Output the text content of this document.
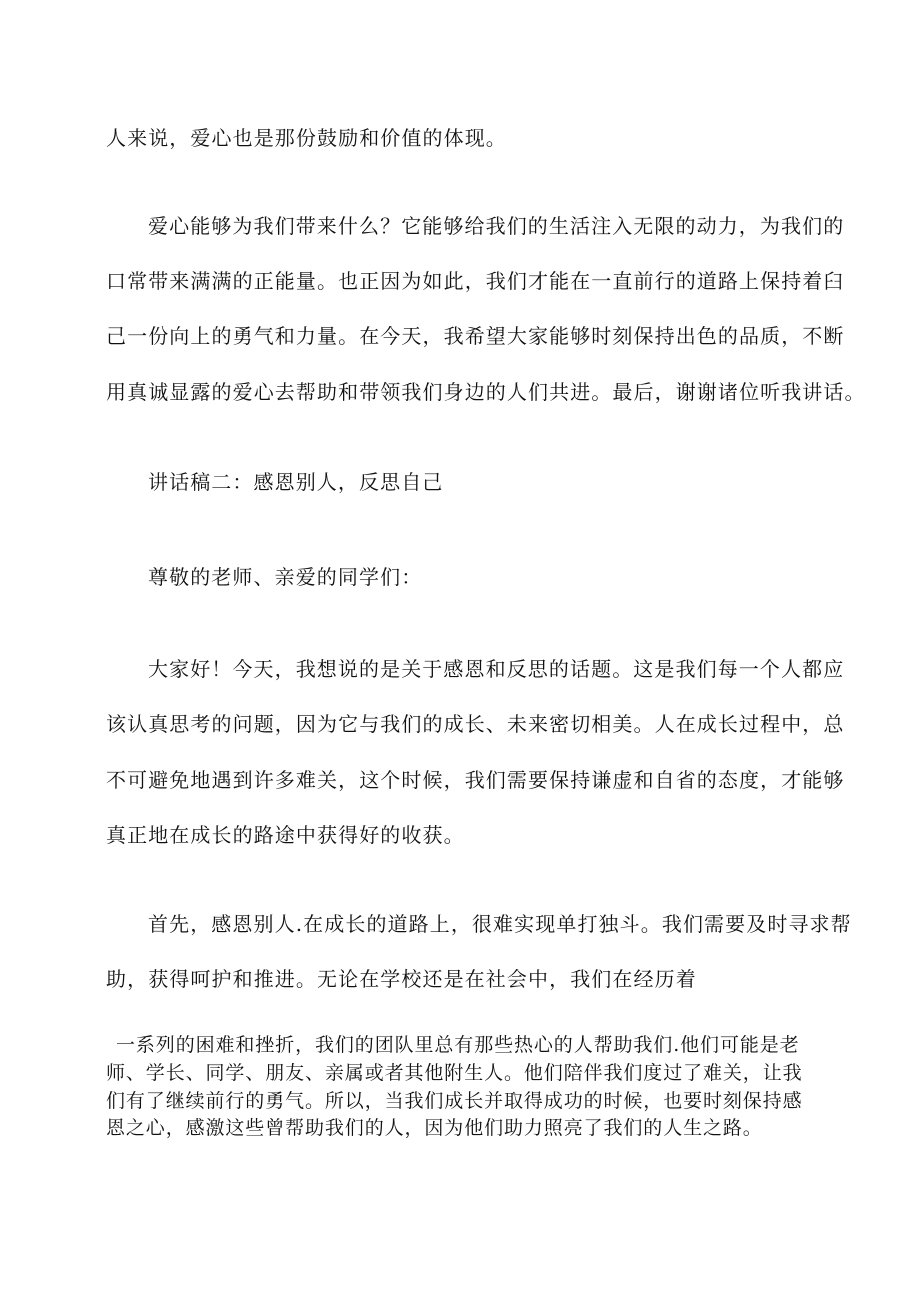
人来说，爱心也是那份鼓励和价值的体现。
爱心能够为我们带来什么？它能够给我们的生活注入无限的动力，为我们的
口常带来满满的正能量。也正因为如此，我们才能在一直前行的道路上保持着臼
己一份向上的勇气和力量。在今天，我希望大家能够时刻保持出色的品质，不断
用真诚显露的爱心去帮助和带领我们身边的人们共进。最后，谢谢诸位听我讲话。
讲话稿二：感恩别人，反思自己
尊敬的老师、亲爱的同学们：
大家好！今天，我想说的是关于感恩和反思的话题。这是我们每一个人都应
该认真思考的问题，因为它与我们的成长、未来密切相美。人在成长过程中，总
不可避免地遇到许多难关，这个时候，我们需要保持谦虚和自省的态度，才能够
真正地在成长的路途中获得好的收获。
首先，感恩别人.在成长的道路上，很难实现单打独斗。我们需要及时寻求帮
助，获得呵护和推进。无论在学校还是在社会中，我们在经历着
一系列的困难和挫折，我们的团队里总有那些热心的人帮助我们.他们可能是老
师、学长、同学、朋友、亲属或者其他附生人。他们陪伴我们度过了难关，让我
们有了继续前行的勇气。所以，当我们成长并取得成功的时候，也要时刻保持感
恩之心，感激这些曾帮助我们的人，因为他们助力照亮了我们的人生之路。
